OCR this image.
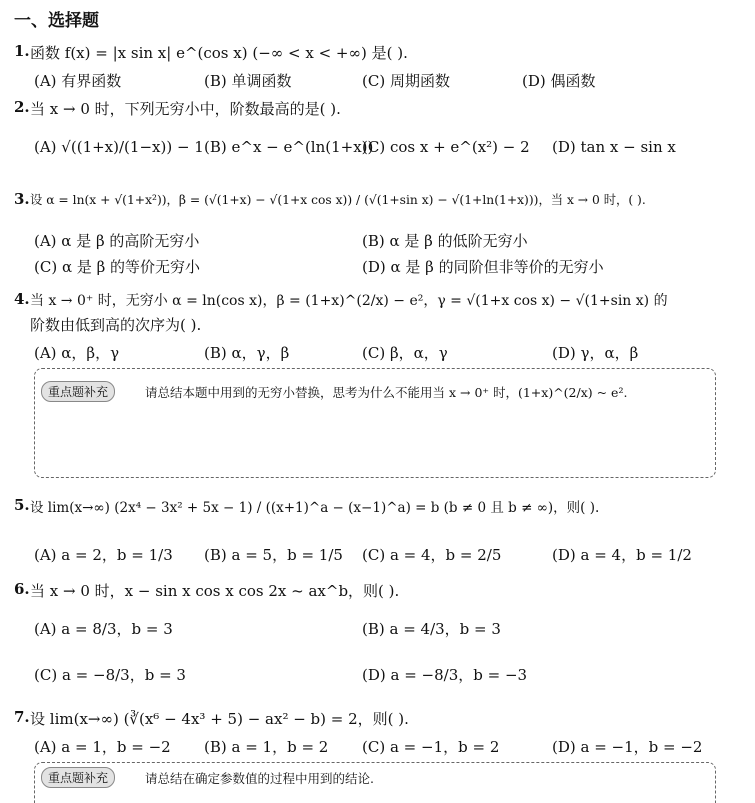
一、选择题
1. 函数 f(x) = |x sin x| e^(cos x) (−∞ < x < +∞) 是( ).
(A) 有界函数	(B) 单调函数	(C) 周期函数	(D) 偶函数
2. 当 x → 0 时，下列无穷小中，阶数最高的是( ).
(A) √((1+x)/(1−x)) − 1 (B) e^x − e^(ln(1+x))
(C) cos x + e^(x²) − 2 (D) tan x − sin x
3. 设 α = ln(x + √(1+x²))，β = (√(1+x) − √(1+x cos x)) / (√(1+sin x) − √(1+ln(1+x)))，当 x → 0 时，( ).
(A) α 是 β 的高阶无穷小	(B) α 是 β 的低阶无穷小
(C) α 是 β 的等价无穷小	(D) α 是 β 的同阶但非等价的无穷小
4. 当 x → 0⁺ 时，无穷小 α = ln(cos x)，β = (1+x)^(2/x) − e²，γ = √(1+x cos x) − √(1+sin x) 的
阶数由低到高的次序为( ).
(A) α，β，γ	(B) α，γ，β	(C) β，α，γ	(D) γ，α，β
重点题补充	请总结本题中用到的无穷小替换，思考为什么不能用当 x → 0⁺ 时，(1+x)^(2/x) ~ e².
5. 设 lim(x→∞) (2x⁴ − 3x² + 5x − 1) / ((x+1)^a − (x−1)^a) = b (b ≠ 0 且 b ≠ ∞)，则( ).
(A) a = 2，b = 1/3 (B) a = 5，b = 1/5 (C) a = 4，b = 2/5	(D) a = 4，b = 1/2
6. 当 x → 0 时，x − sin x cos x cos 2x ~ ax^b，则( ).
(A) a = 8/3，b = 3	(B) a = 4/3，b = 3
(C) a = −8/3，b = 3	(D) a = −8/3，b = −3
7. 设 lim(x→∞) (∛(x⁶ − 4x³ + 5) − ax² − b) = 2，则( ).
(A) a = 1，b = −2 (B) a = 1，b = 2 (C) a = −1，b = 2	(D) a = −1，b = −2
重点题补充	请总结在确定参数值的过程中用到的结论.
